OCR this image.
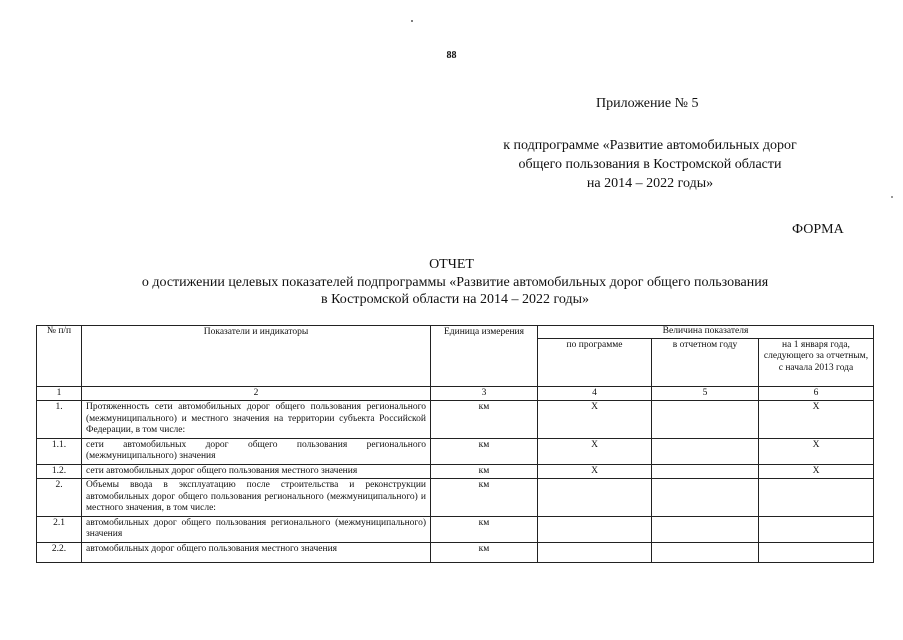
88
Приложение № 5
к подпрограмме «Развитие автомобильных дорог
общего пользования в Костромской области
на 2014 – 2022 годы»
ФОРМА
ОТЧЕТ
о достижении целевых показателей подпрограммы «Развитие автомобильных дорог общего пользования
в Костромской области на 2014 – 2022 годы»
№ п/п	Показатели и индикаторы	Единица измерения	Величина показателя		
			по программе	в отчетном году	на 1 января года, следующего за отчетным, с начала 2013 года
1	2	3	4	5	6
1.	Протяженность сети автомобильных дорог общего пользования регионального (межмуниципального) и местного значения на территории субъекта Российской Федерации, в том числе:	км	Х		Х
1.1.	сети автомобильных дорог общего пользования регионального (межмуниципального) значения	км	Х		Х
1.2.	сети автомобильных дорог общего пользования местного значения	км	Х		Х
2.	Объемы ввода в эксплуатацию после строительства и реконструкции автомобильных дорог общего пользования регионального (межмуниципального) и местного значения, в том числе:	км			
2.1	автомобильных дорог общего пользования регионального (межмуниципального) значения	км			
2.2.	автомобильных дорог общего пользования местного значения	км			
